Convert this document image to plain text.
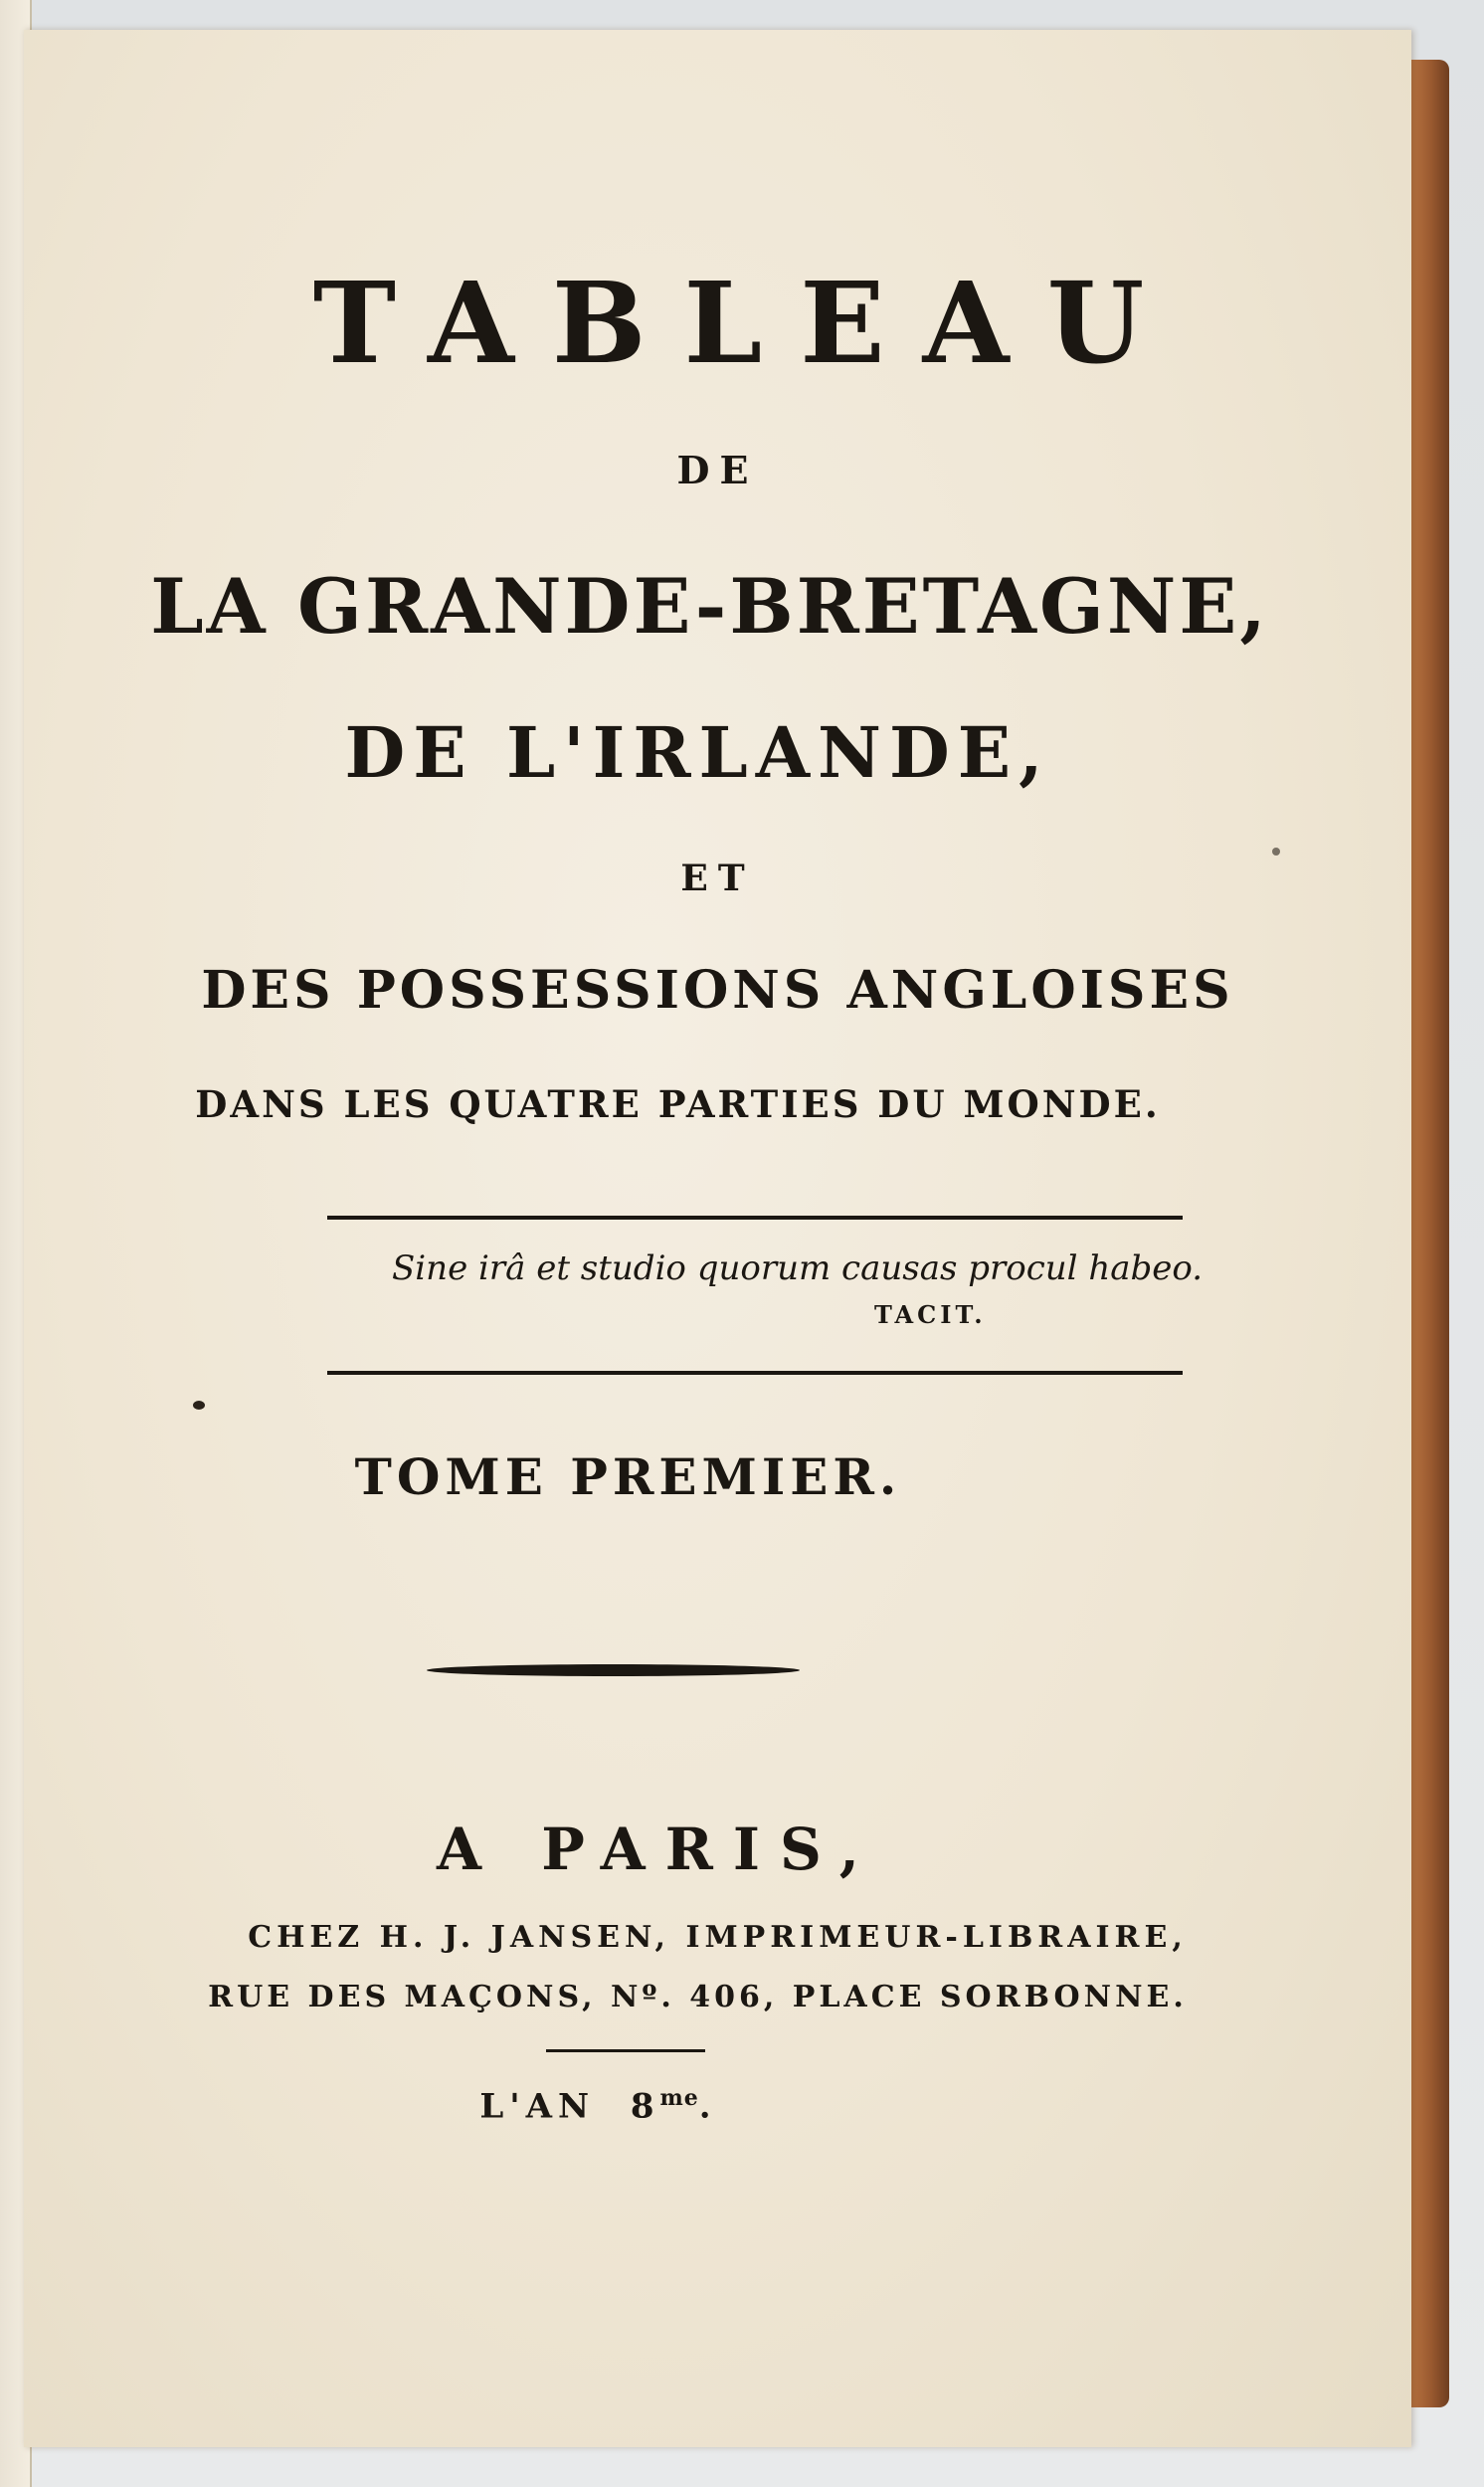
TABLEAU
DE
LA GRANDE-BRETAGNE,
DE L'IRLANDE,
ET
DES POSSESSIONS ANGLOISES
DANS LES QUATRE PARTIES DU MONDE.
Sine irâ et studio quorum causas procul habeo.
TACIT.
TOME PREMIER.
A PARIS,
CHEZ H. J. JANSEN, IMPRIMEUR-LIBRAIRE,
RUE DES MAÇONS, Nº. 406, PLACE SORBONNE.
L'AN $8^{me}$.
